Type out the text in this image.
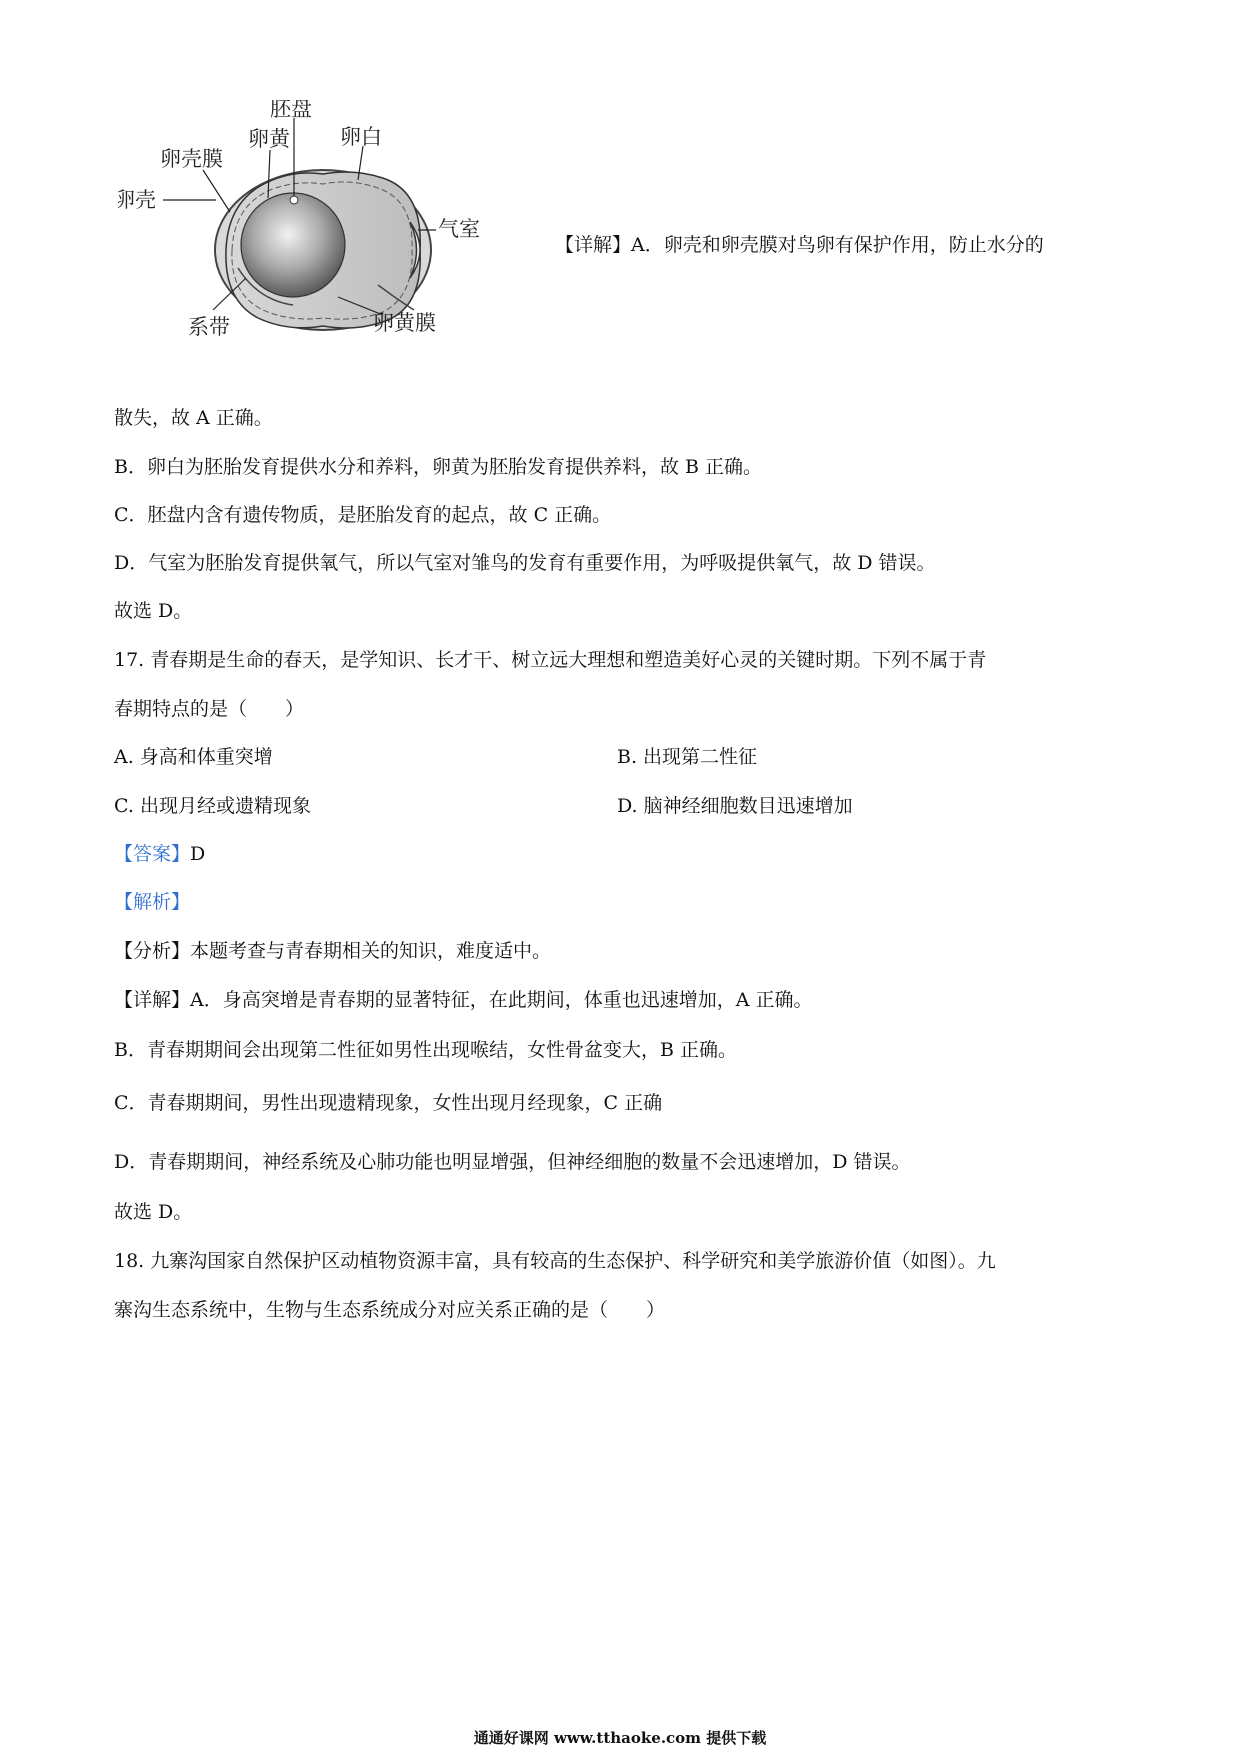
胚盘
卵黄 卵白
卵壳膜
卵壳
气室
系带	卵黄膜
【详解】A．卵壳和卵壳膜对鸟卵有保护作用，防止水分的
散失，故 A 正确。
B．卵白为胚胎发育提供水分和养料，卵黄为胚胎发育提供养料，故 B 正确。
C．胚盘内含有遗传物质，是胚胎发育的起点，故 C 正确。
D．气室为胚胎发育提供氧气，所以气室对雏鸟的发育有重要作用，为呼吸提供氧气，故 D 错误。
故选 D。
17. 青春期是生命的春天，是学知识、长才干、树立远大理想和塑造美好心灵的关键时期。下列不属于青
春期特点的是（　　）
A. 身高和体重突增	B. 出现第二性征
C. 出现月经或遗精现象	D. 脑神经细胞数目迅速增加
【答案】D
【解析】
【分析】本题考查与青春期相关的知识，难度适中。
【详解】A．身高突增是青春期的显著特征，在此期间，体重也迅速增加，A 正确。
B．青春期期间会出现第二性征如男性出现喉结，女性骨盆变大，B 正确。
C．青春期期间，男性出现遗精现象，女性出现月经现象，C 正确
D．青春期期间，神经系统及心肺功能也明显增强，但神经细胞的数量不会迅速增加，D 错误。
故选 D。
18. 九寨沟国家自然保护区动植物资源丰富，具有较高的生态保护、科学研究和美学旅游价值（如图）。九
寨沟生态系统中，生物与生态系统成分对应关系正确的是（　　）
通通好课网 www.tthaoke.com 提供下载
